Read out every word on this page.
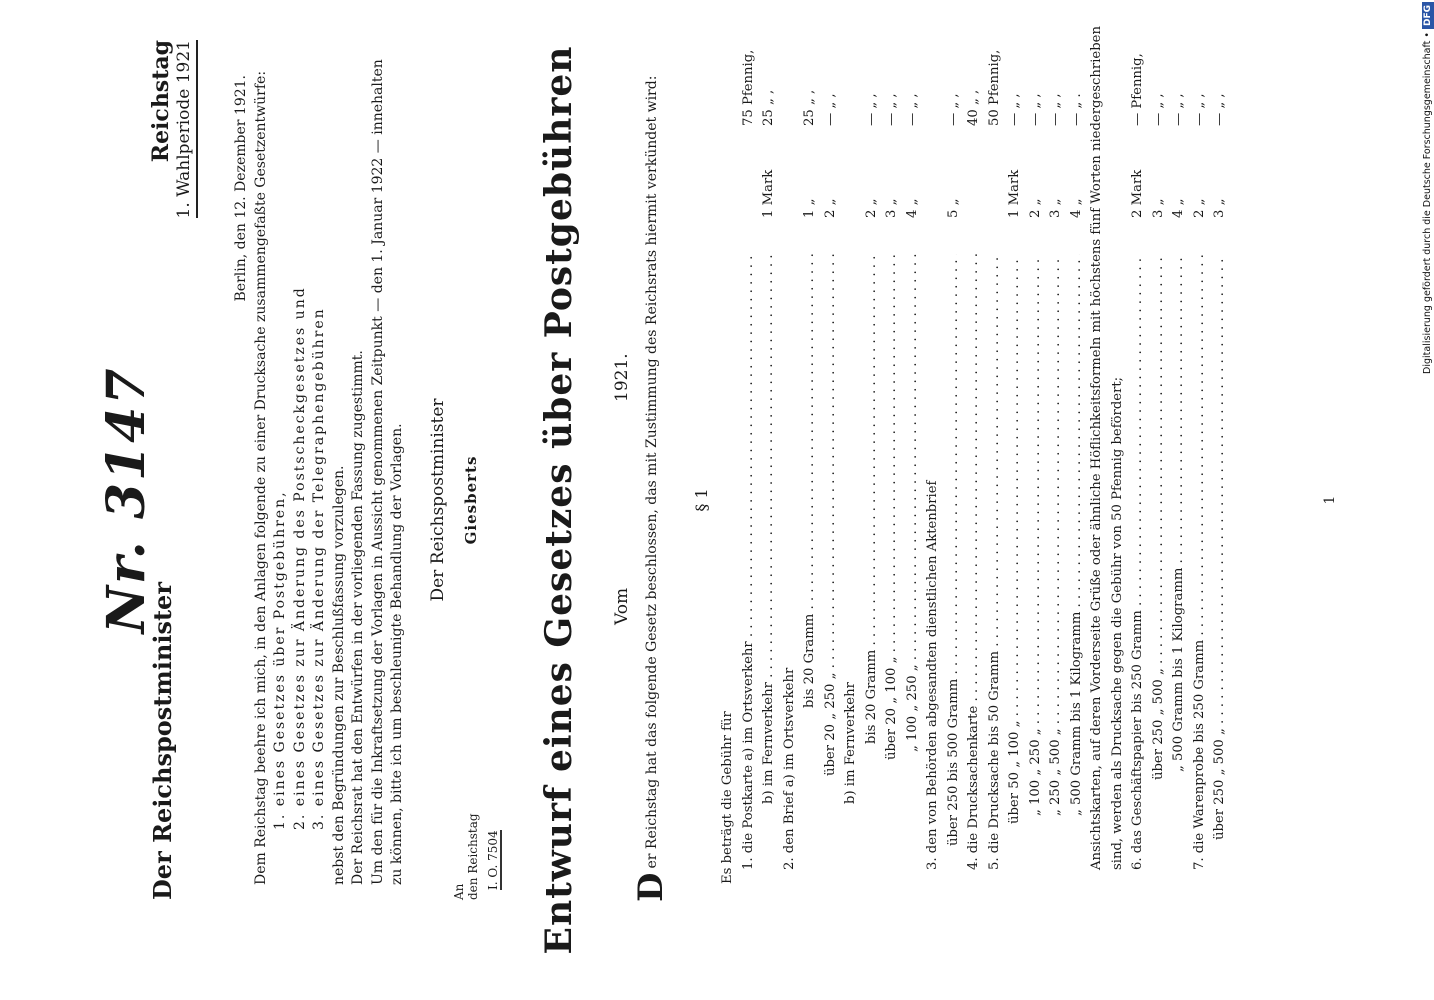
Der Reichspostminister
Reichstag 1. Wahlperiode 1921
Nr. 3147

Berlin, den 12. Dezember 1921. Dem Reichstag beehre ich mich, in den Anlagen folgende zu einer Drucksache zusammengefaßte Gesetzentwürfe: 1. eines Gesetzes über Postgebühren, 2. eines Gesetzes zur Änderung des Postscheckgesetzes und 3. eines Gesetzes zur Änderung der Telegraphengebühren nebst den Begründungen zur Beschlußfassung vorzulegen. Der Reichsrat hat den Entwürfen in der vorliegenden Fassung zugestimmt. Um den für die Inkraftsetzung der Vorlagen in Aussicht genommenen Zeitpunkt — den 1. Januar 1922 — innehalten zu können, bitte ich um beschleunigte Behandlung der Vorlagen. Der Reichspostminister Giesberts
An den Reichstag I. O. 7504 Entwurf eines Gesetzes über Postgebühren Vom
1921.
Der Reichstag hat das folgende Gesetz beschlossen, das mit Zustimmung des Reichsrats hiermit verkündet wird:	§ 1
Es beträgt die Gebühr für 1. die Postkarte a) im Ortsverkehr . . .
75 Pfennig,
b) im Fernverkehr . . .
1 Mark
25 „ ,
2. den Brief a) im Ortsverkehr
bis 20 Gramm . . .
1 „
25 „ ,
über 20 „ 250 „ . . .
2 „
— „ ,
b) im Fernverkehr bis 20 Gramm . . .
2 „
— „ ,
über 20 „ 100 „ . . .
3 „
— „ ,
„ 100 „ 250 „ . . .
4 „
— „ ,
3. den von Behörden abgesandten dienstlichen Aktenbrief über 250 bis 500 Gramm . . .
5 „
— „ ,
4. die Drucksachenkarte . . .
40 „ ,
5. die Drucksache bis 50 Gramm . . .
50 Pfennig,
über 50 „ 100 „ . . .
1 Mark
— „ ,
„ 100 „ 250 „ . . .
2 „
— „ ,
„ 250 „ 500 „ . . .
3 „
— „ ,
„ 500 Gramm bis 1 Kilogramm . . .
4 „
— „ . Ansichtskarten, auf deren Vorderseite Grüße oder ähnliche Höflichkeitsformeln mit höchstens fünf Worten niedergeschrieben sind, werden als Drucksache gegen die Gebühr von 50 Pfennig befördert; 6. das Geschäftspapier bis 250 Gramm . . .
2 Mark
— Pfennig,
über 250 „ 500 „ . . .
3 „
— „ ,
„ 500 Gramm bis 1 Kilogramm . . .
4 „
— „ ,
7. die Warenprobe bis 250 Gramm . . .
2 „
— „ ,
über 250 „ 500 „ . . .
3 „
— „ ,
1
Digitalisierung gefördert durch die Deutsche Forschungsgemeinschaft •DFG
